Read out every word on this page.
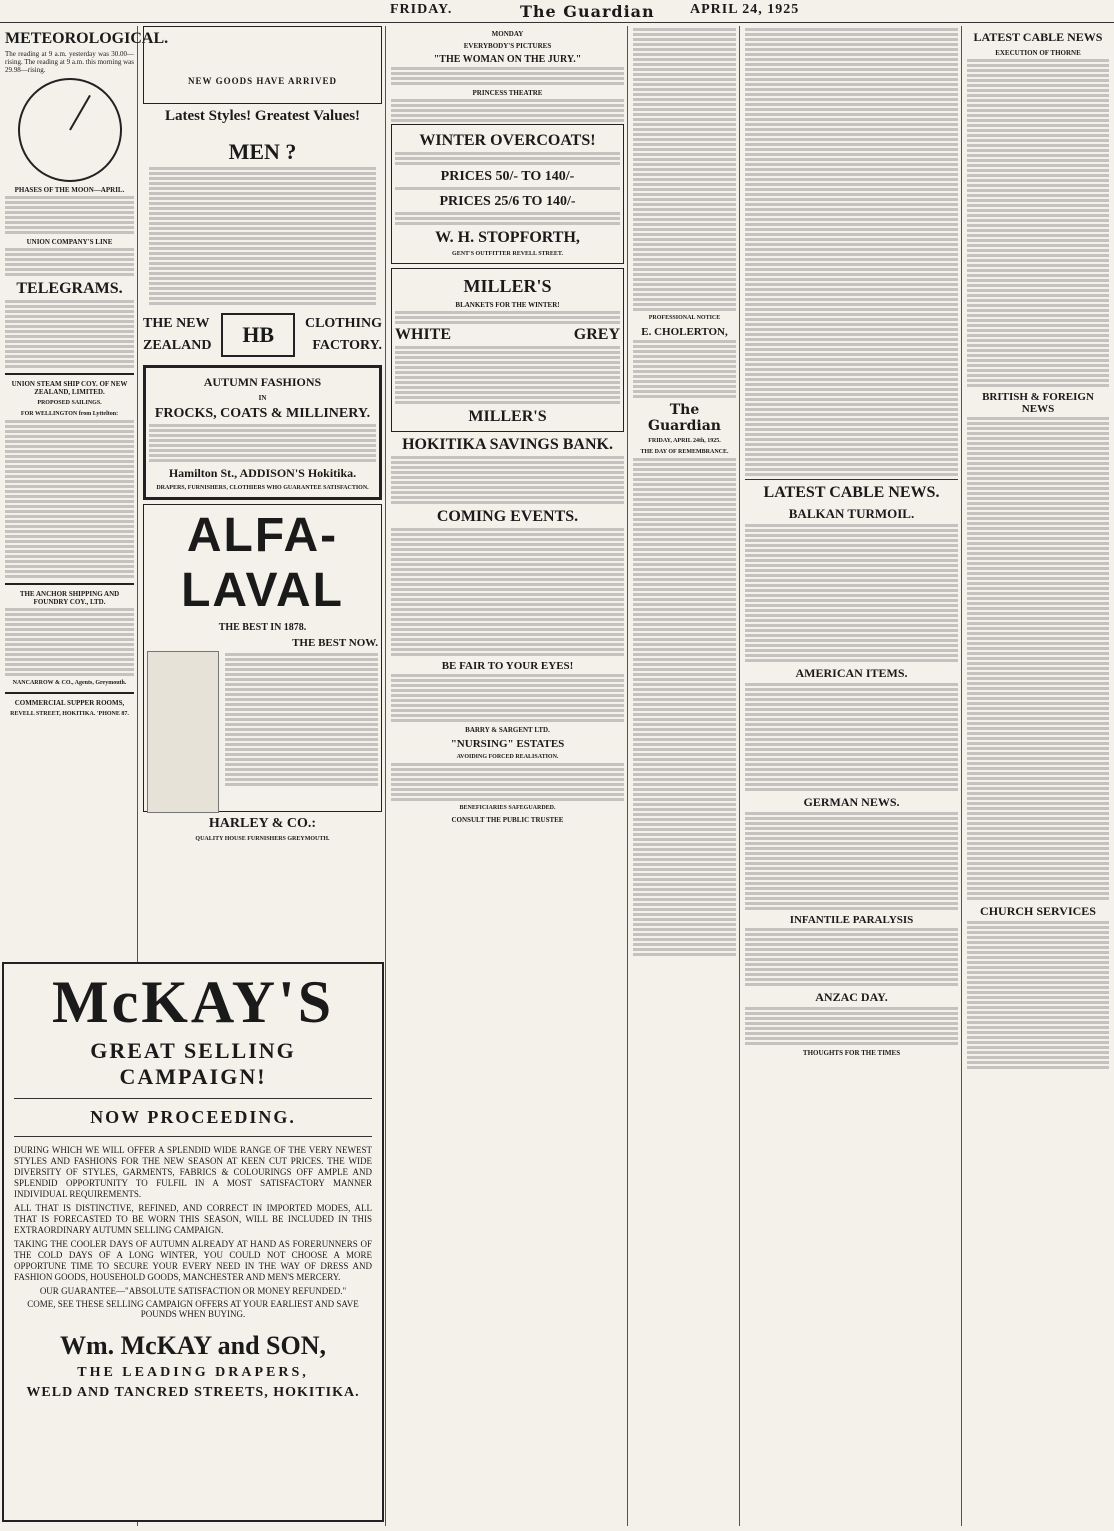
FRIDAY.	The Guardian	APRIL 24, 1925
METEOROLOGICAL.

The reading at 9 a.m. yesterday was 30.00—rising. The reading at 9 a.m. this morning was 29.98—rising.

PHASES OF THE MOON—APRIL.
UNION COMPANY'S LINE
TELEGRAMS.
UNION STEAM SHIP COY. OF NEW ZEALAND, LIMITED.
PROPOSED SAILINGS.
FOR WELLINGTON from Lyttelton:
THE ANCHOR SHIPPING AND FOUNDRY COY., LTD.
NANCARROW & CO., Agents, Greymouth.
COMMERCIAL SUPPER ROOMS,
REVELL STREET, HOKITIKA. 'PHONE 87.
NEW GOODS HAVE ARRIVED
Latest Styles! Greatest Values!
MEN ?
THE NEW
ZEALAND	HB	CLOTHING
FACTORY.
AUTUMN FASHIONS
IN
FROCKS, COATS & MILLINERY.
Hamilton St., ADDISON'S Hokitika.
DRAPERS, FURNISHERS, CLOTHIERS WHO GUARANTEE SATISFACTION.
ALFA-LAVAL
THE BEST IN 1878.
THE BEST NOW.
HARLEY & CO.:
QUALITY HOUSE FURNISHERS GREYMOUTH.
MONDAY
EVERYBODY'S PICTURES
"THE WOMAN ON THE JURY."
PRINCESS THEATRE
WINTER OVERCOATS!
PRICES 50/- TO 140/-
PRICES 25/6 TO 140/-
W. H. STOPFORTH,
GENT'S OUTFITTER REVELL STREET.
MILLER'S
BLANKETS FOR THE WINTER!
WHITE	GREY
MILLER'S
HOKITIKA SAVINGS BANK.
COMING EVENTS.
BE FAIR TO YOUR EYES!
BARRY & SARGENT LTD.
"NURSING" ESTATES
AVOIDING FORCED REALISATION.
BENEFICIARIES SAFEGUARDED.
CONSULT THE PUBLIC TRUSTEE
PROFESSIONAL NOTICE
E. CHOLERTON,
The Guardian
FRIDAY, APRIL 24th, 1925.
THE DAY OF REMEMBRANCE.
LATEST CABLE NEWS.
BALKAN TURMOIL.
AMERICAN ITEMS.
GERMAN NEWS.
INFANTILE PARALYSIS
ANZAC DAY.
THOUGHTS FOR THE TIMES
LATEST CABLE NEWS
EXECUTION OF THORNE
BRITISH & FOREIGN NEWS
CHURCH SERVICES
McKAY'S
GREAT SELLING CAMPAIGN!
NOW PROCEEDING.

DURING WHICH WE WILL OFFER A SPLENDID WIDE RANGE OF THE VERY NEWEST STYLES AND FASHIONS FOR THE NEW SEASON AT KEEN CUT PRICES. THE WIDE DIVERSITY OF STYLES, GARMENTS, FABRICS & COLOURINGS OFF AMPLE AND SPLENDID OPPORTUNITY TO FULFIL IN A MOST SATISFACTORY MANNER INDIVIDUAL REQUIREMENTS.

ALL THAT IS DISTINCTIVE, REFINED, AND CORRECT IN IMPORTED MODES, ALL THAT IS FORECASTED TO BE WORN THIS SEASON, WILL BE INCLUDED IN THIS EXTRAORDINARY AUTUMN SELLING CAMPAIGN.

TAKING THE COOLER DAYS OF AUTUMN ALREADY AT HAND AS FORERUNNERS OF THE COLD DAYS OF A LONG WINTER, YOU COULD NOT CHOOSE A MORE OPPORTUNE TIME TO SECURE YOUR EVERY NEED IN THE WAY OF DRESS AND FASHION GOODS, HOUSEHOLD GOODS, MANCHESTER AND MEN'S MERCERY.

OUR GUARANTEE—"ABSOLUTE SATISFACTION OR MONEY REFUNDED."

COME, SEE THESE SELLING CAMPAIGN OFFERS AT YOUR EARLIEST AND SAVE POUNDS WHEN BUYING.

Wm. McKAY and SON,
THE LEADING DRAPERS,
WELD AND TANCRED STREETS, HOKITIKA.
